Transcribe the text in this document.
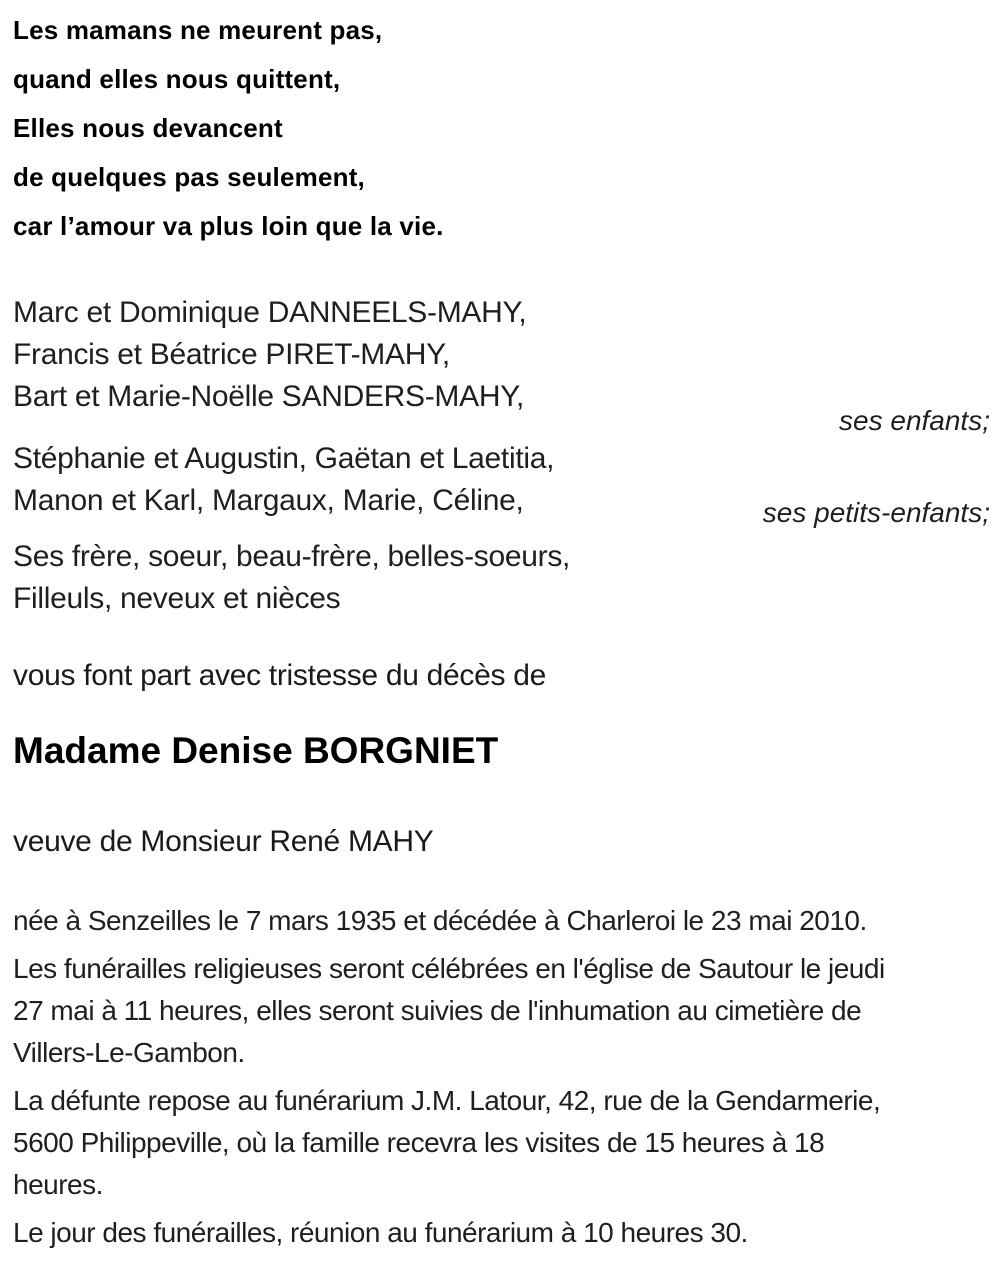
Les mamans ne meurent pas,
quand elles nous quittent,
Elles nous devancent
de quelques pas seulement,
car l’amour va plus loin que la vie.
Marc et Dominique DANNEELS-MAHY,
Francis et Béatrice PIRET-MAHY,
Bart et Marie-Noëlle SANDERS-MAHY,
ses enfants;
Stéphanie et Augustin, Gaëtan et Laetitia,
Manon et Karl, Margaux, Marie, Céline,	ses petits-enfants;
Ses frère, soeur, beau-frère, belles-soeurs,
Filleuls, neveux et nièces

vous font part avec tristesse du décès de

Madame Denise BORGNIET

veuve de Monsieur René MAHY

née à Senzeilles le 7 mars 1935 et décédée à Charleroi le 23 mai 2010.
Les funérailles religieuses seront célébrées en l'église de Sautour le jeudi
27 mai à 11 heures, elles seront suivies de l'inhumation au cimetière de
Villers-Le-Gambon.
La défunte repose au funérarium J.M. Latour, 42, rue de la Gendarmerie,
5600 Philippeville, où la famille recevra les visites de 15 heures à 18
heures.
Le jour des funérailles, réunion au funérarium à 10 heures 30.
